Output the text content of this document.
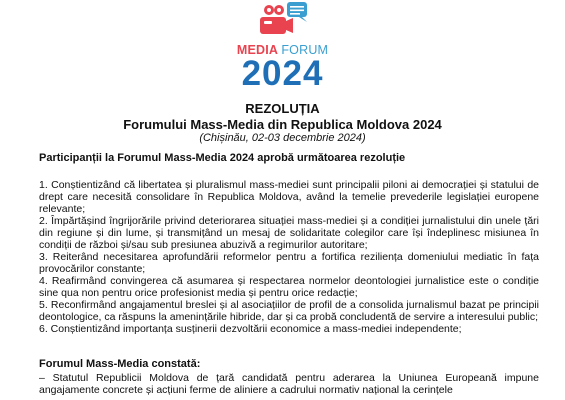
MEDIA FORUM
2024
REZOLUȚIA
Forumului Mass-Media din Republica Moldova 2024
(Chișinău, 02-03 decembrie 2024)
Participanții la Forumul Mass-Media 2024 aprobă următoarea rezoluție

1. Conștientizând că libertatea și pluralismul mass-mediei sunt principalii piloni ai democrației și statului de drept care necesită consolidare în Republica Moldova, având la temelie prevederile legislației europene relevante;

2. Împărtășind îngrijorările privind deteriorarea situației mass-mediei și a condiției jurnalistului din unele țări din regiune și din lume, și transmițând un mesaj de solidaritate colegilor care își îndeplinesc misiunea în condiții de război și/sau sub presiunea abuzivă a regimurilor autoritare;

3. Reiterând necesitarea aprofundării reformelor pentru a fortifica reziliența domeniului mediatic în fața provocărilor constante;

4. Reafirmând convingerea că asumarea și respectarea normelor deontologiei jurnalistice este o condiție sine qua non pentru orice profesionist media și pentru orice redacție;

5. Reconfirmând angajamentul breslei și al asociațiilor de profil de a consolida jurnalismul bazat pe principii deontologice, ca răspuns la amenințările hibride, dar și ca probă concludentă de servire a interesului public;

6. Conștientizând importanța susținerii dezvoltării economice a mass-mediei independente;

Forumul Mass-Media constată:
– Statutul Republicii Moldova de țară candidată pentru aderarea la Uniunea Europeană impune angajamente concrete și acțiuni ferme de aliniere a cadrului normativ național la cerințele
